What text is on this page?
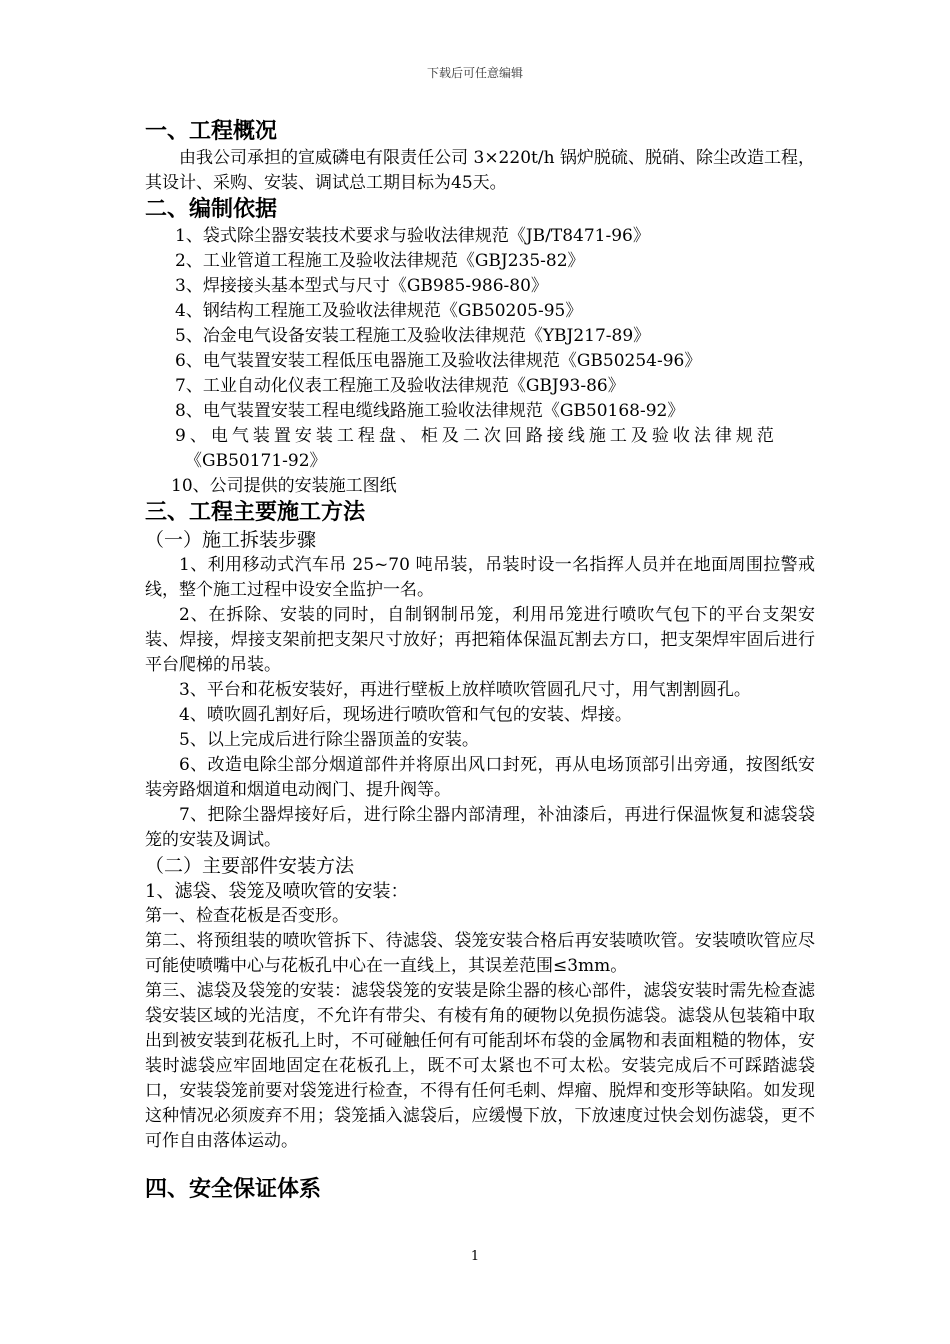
下载后可任意编辑
一、工程概况

由我公司承担的宣威磷电有限责任公司 3×220t/h 锅炉脱硫、脱硝、除尘改造工程，其设计、采购、安装、调试总工期目标为45天。

二、编制依据

1、袋式除尘器安装技术要求与验收法律规范《JB/T8471-96》

2、工业管道工程施工及验收法律规范《GBJ235-82》

3、焊接接头基本型式与尺寸《GB985-986-80》

4、钢结构工程施工及验收法律规范《GB50205-95》

5、冶金电气设备安装工程施工及验收法律规范《YBJ217-89》

6、电气装置安装工程低压电器施工及验收法律规范《GB50254-96》

7、工业自动化仪表工程施工及验收法律规范《GBJ93-86》

8、电气装置安装工程电缆线路施工验收法律规范《GB50168-92》

9、电气装置安装工程盘、柜及二次回路接线施工及验收法律规范
《GB50171-92》

10、公司提供的安装施工图纸

三、工程主要施工方法

（一）施工拆装步骤

1、利用移动式汽车吊 25~70 吨吊装，吊装时设一名指挥人员并在地面周围拉警戒线，整个施工过程中设安全监护一名。

2、在拆除、安装的同时，自制钢制吊笼，利用吊笼进行喷吹气包下的平台支架安装、焊接，焊接支架前把支架尺寸放好；再把箱体保温瓦割去方口，把支架焊牢固后进行平台爬梯的吊装。

3、平台和花板安装好，再进行壁板上放样喷吹管圆孔尺寸，用气割割圆孔。

4、喷吹圆孔割好后，现场进行喷吹管和气包的安装、焊接。

5、以上完成后进行除尘器顶盖的安装。

6、改造电除尘部分烟道部件并将原出风口封死，再从电场顶部引出旁通，按图纸安装旁路烟道和烟道电动阀门、提升阀等。

7、把除尘器焊接好后，进行除尘器内部清理，补油漆后，再进行保温恢复和滤袋袋笼的安装及调试。

（二）主要部件安装方法

1、滤袋、袋笼及喷吹管的安装：

第一、检查花板是否变形。

第二、将预组装的喷吹管拆下、待滤袋、袋笼安装合格后再安装喷吹管。安装喷吹管应尽可能使喷嘴中心与花板孔中心在一直线上，其误差范围≤3mm。

第三、滤袋及袋笼的安装：滤袋袋笼的安装是除尘器的核心部件，滤袋安装时需先检查滤袋安装区域的光洁度，不允许有带尖、有棱有角的硬物以免损伤滤袋。滤袋从包装箱中取出到被安装到花板孔上时，不可碰触任何有可能刮坏布袋的金属物和表面粗糙的物体，安装时滤袋应牢固地固定在花板孔上，既不可太紧也不可太松。安装完成后不可踩踏滤袋口，安装袋笼前要对袋笼进行检查，不得有任何毛刺、焊瘤、脱焊和变形等缺陷。如发现这种情况必须废弃不用；袋笼插入滤袋后，应缓慢下放，下放速度过快会划伤滤袋，更不可作自由落体运动。

四、安全保证体系
1
